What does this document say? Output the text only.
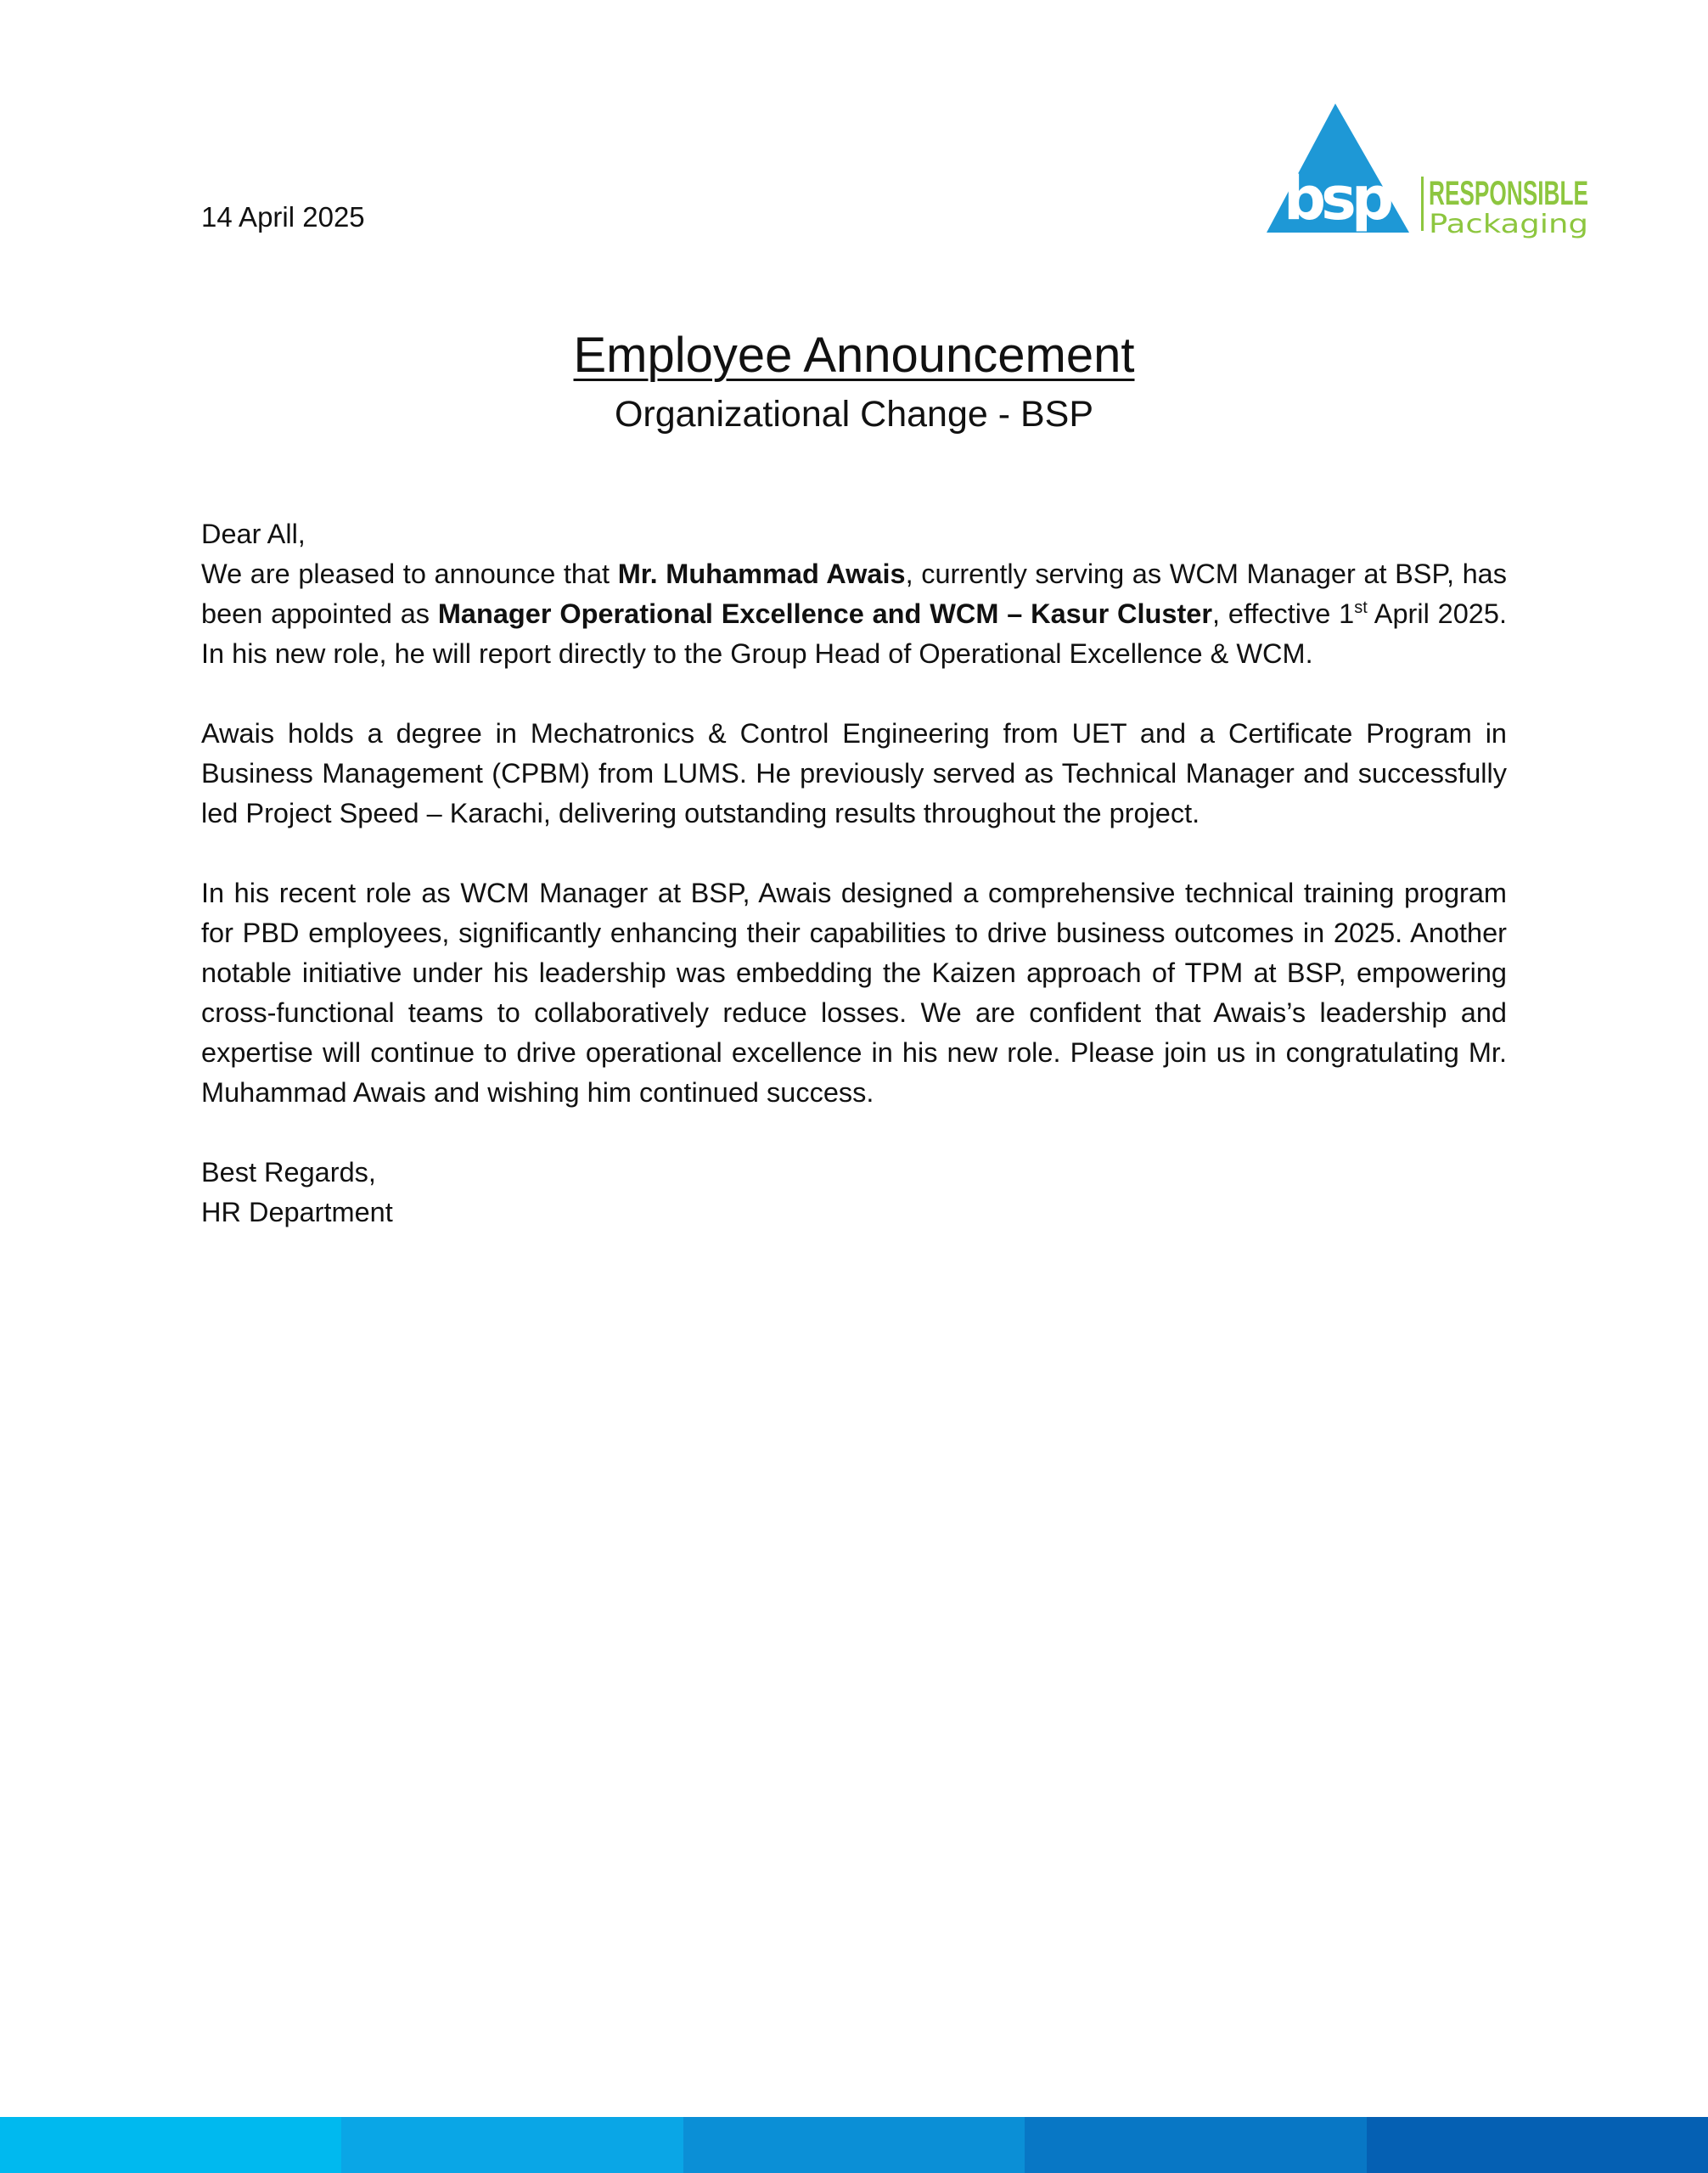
14 April 2025	bsp RESPONSIBLE
Packaging
Employee Announcement
Organizational Change - BSP

Dear All,

We are pleased to announce that Mr. Muhammad Awais, currently serving as WCM Manager at BSP, has been appointed as Manager Operational Excellence and WCM – Kasur Cluster, effective 1st April 2025. In his new role, he will report directly to the Group Head of Operational Excellence & WCM.

Awais holds a degree in Mechatronics & Control Engineering from UET and a Certificate Program in Business Management (CPBM) from LUMS. He previously served as Technical Manager and successfully led Project Speed – Karachi, delivering outstanding results throughout the project.

In his recent role as WCM Manager at BSP, Awais designed a comprehensive technical training program for PBD employees, significantly enhancing their capabilities to drive business outcomes in 2025. Another notable initiative under his leadership was embedding the Kaizen approach of TPM at BSP, empowering cross-functional teams to collaboratively reduce losses. We are confident that Awais’s leadership and expertise will continue to drive operational excellence in his new role. Please join us in congratulating Mr. Muhammad Awais and wishing him continued success.

Best Regards,

HR Department
